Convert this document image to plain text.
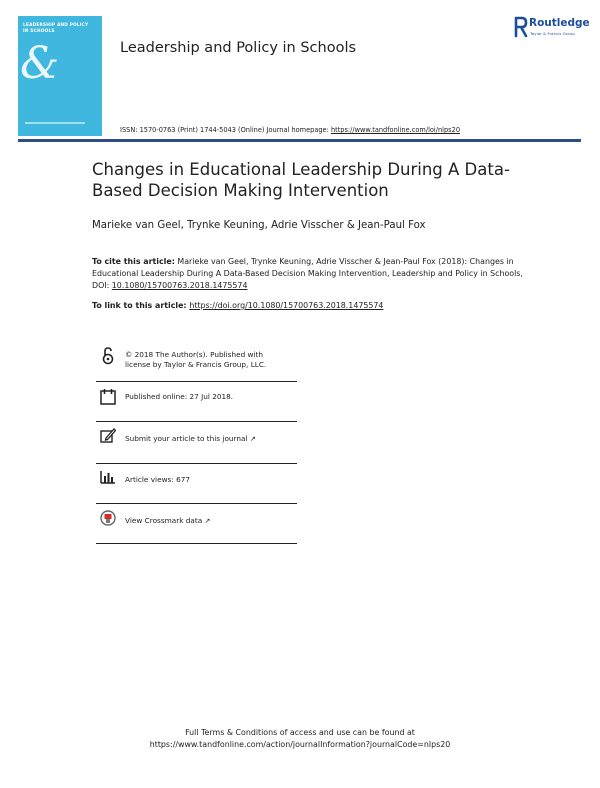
LEADERSHIP AND POLICY
IN SCHOOLS
&	Leadership and Policy in Schools
Routledge
Taylor & Francis Group
ISSN: 1570-0763 (Print) 1744-5043 (Online) Journal homepage: https://www.tandfonline.com/loi/nlps20
Changes in Educational Leadership During A Data-Based Decision Making Intervention
Marieke van Geel, Trynke Keuning, Adrie Visscher & Jean-Paul Fox
To cite this article: Marieke van Geel, Trynke Keuning, Adrie Visscher & Jean-Paul Fox (2018): Changes in Educational Leadership During A Data-Based Decision Making Intervention, Leadership and Policy in Schools, DOI: 10.1080/15700763.2018.1475574
To link to this article: https://doi.org/10.1080/15700763.2018.1475574
© 2018 The Author(s). Published with
license by Taylor & Francis Group, LLC.
Published online: 27 Jul 2018.
Submit your article to this journal ↗
Article views: 677
View Crossmark data ↗
Full Terms & Conditions of access and use can be found at
https://www.tandfonline.com/action/journalInformation?journalCode=nlps20
